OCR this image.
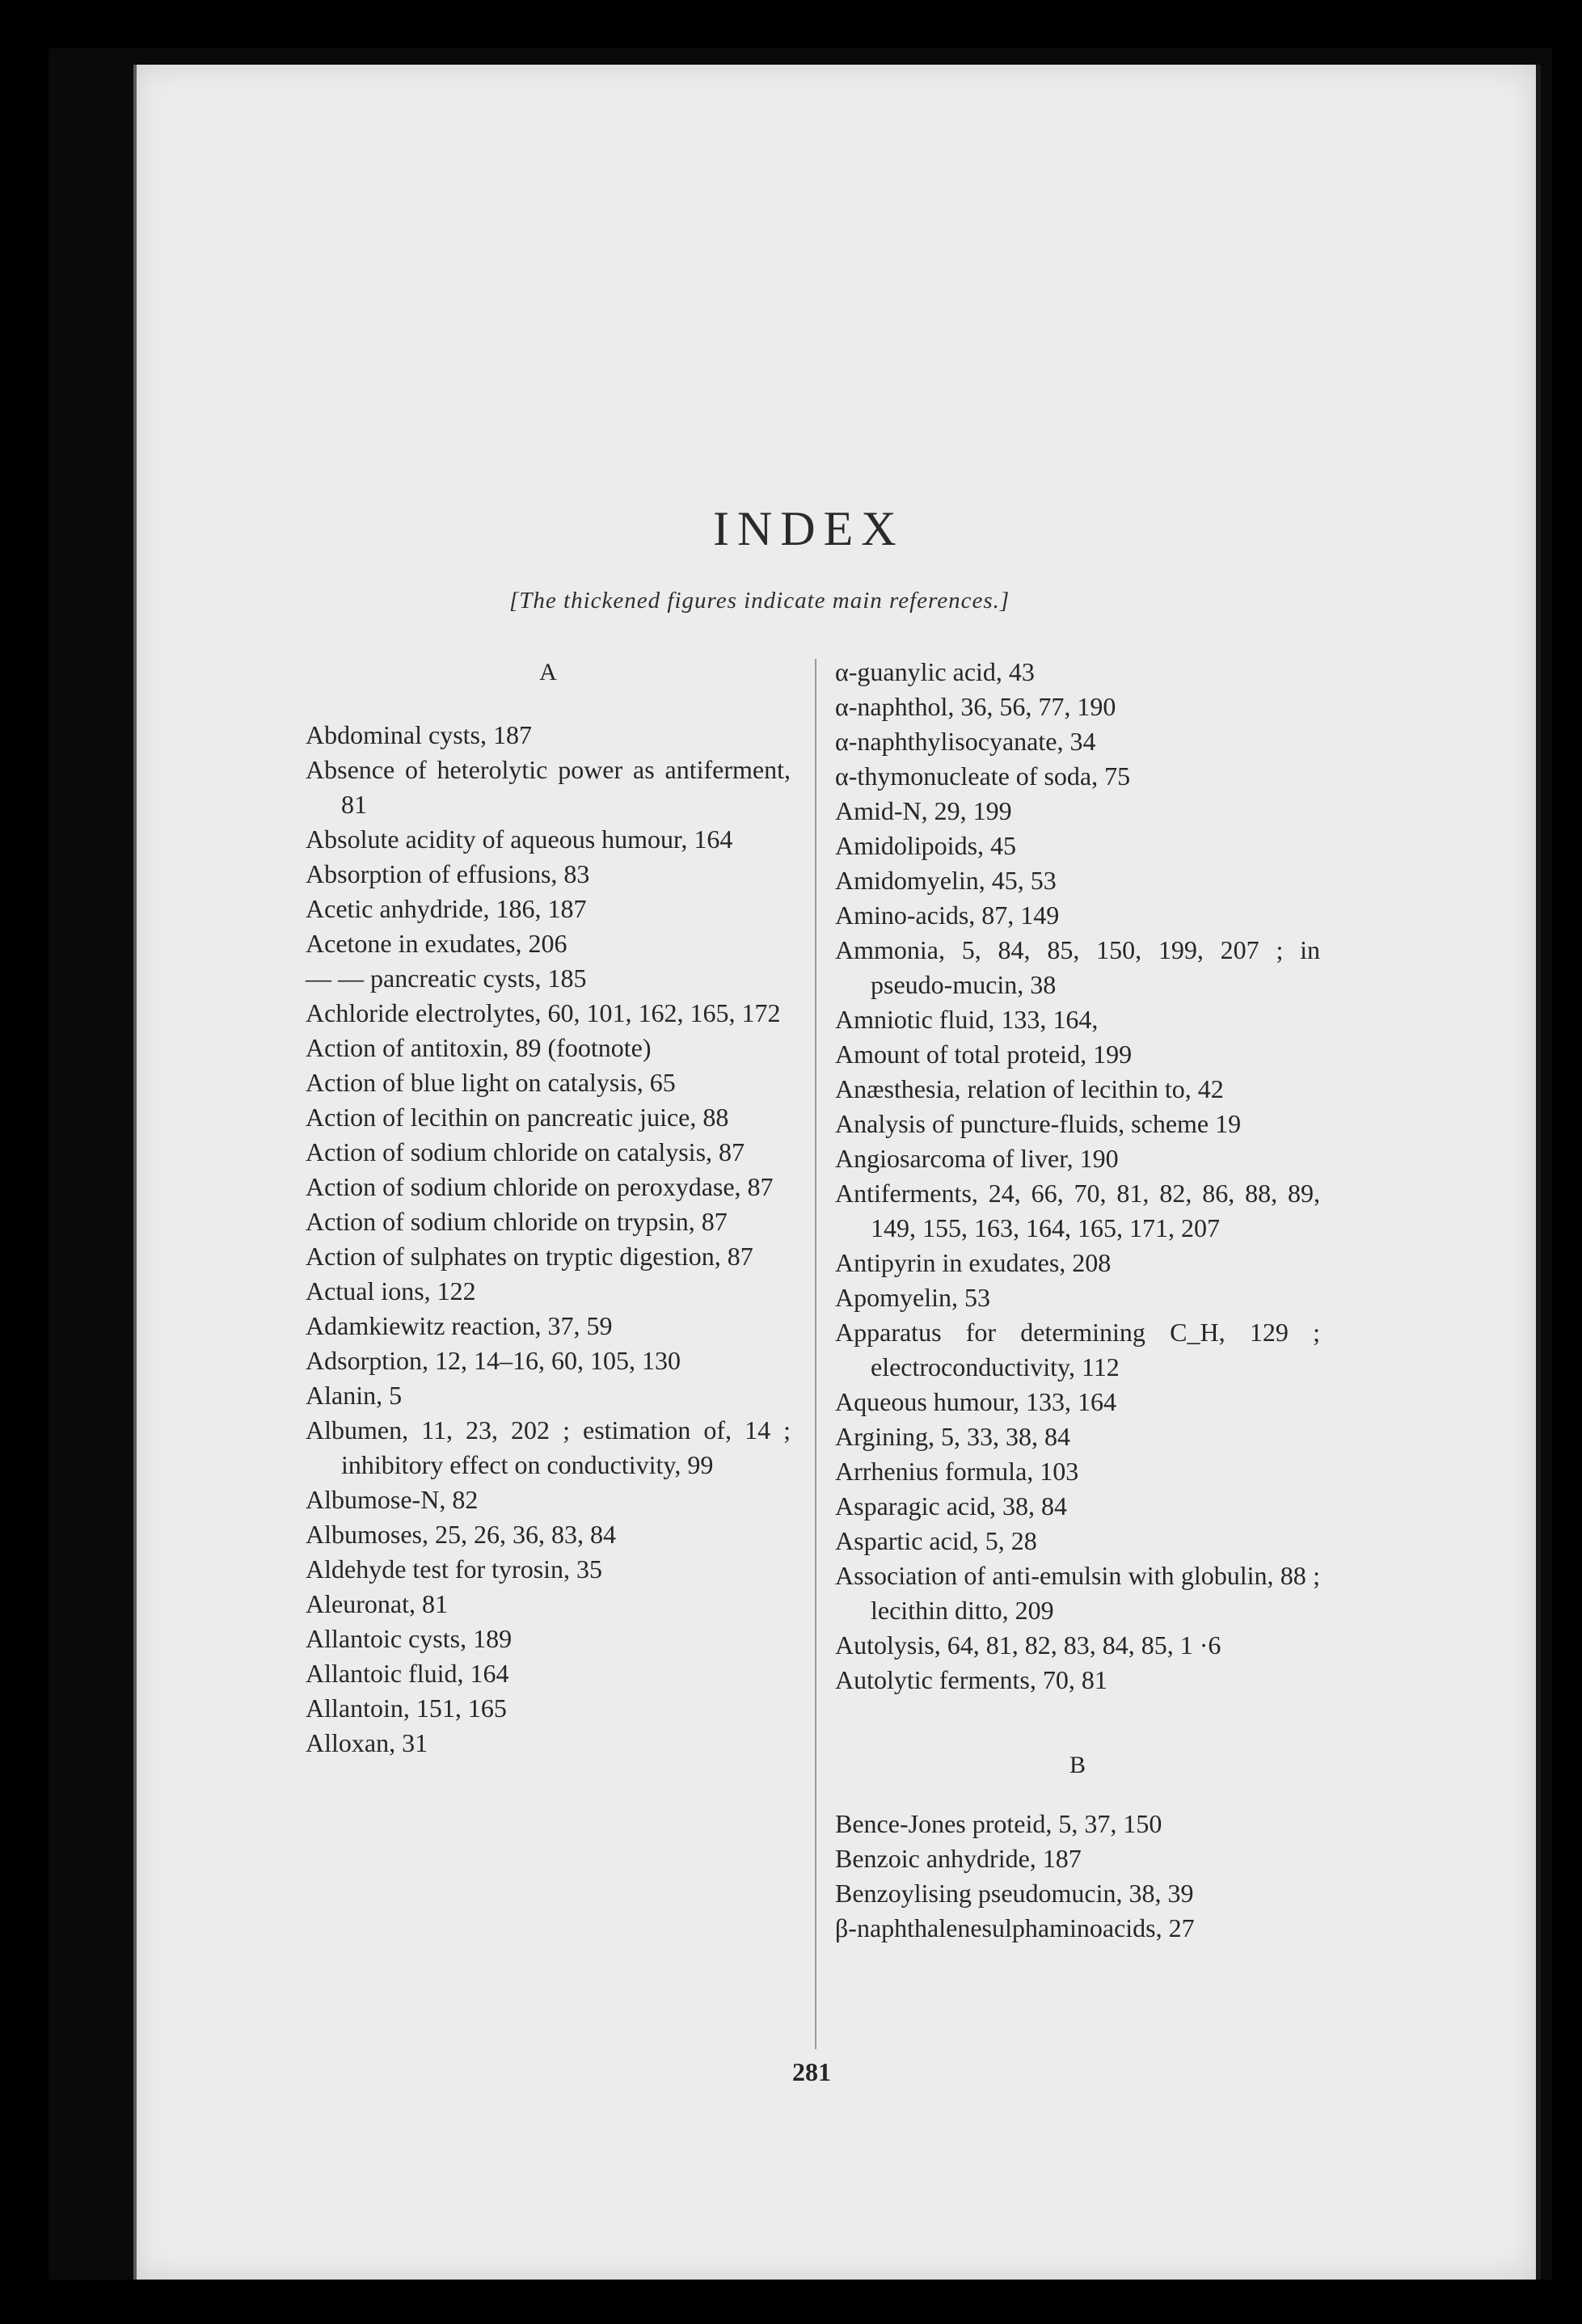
INDEX
[The thickened figures indicate main references.]
A
Abdominal cysts, 187
Absence of heterolytic power as antiferment, 81
Absolute acidity of aqueous humour, 164
Absorption of effusions, 83
Acetic anhydride, 186, 187
Acetone in exudates, 206
— — pancreatic cysts, 185
Achloride electrolytes, 60, 101, 162, 165, 172
Action of antitoxin, 89 (footnote)
Action of blue light on catalysis, 65
Action of lecithin on pancreatic juice, 88
Action of sodium chloride on catalysis, 87
Action of sodium chloride on peroxydase, 87
Action of sodium chloride on trypsin, 87
Action of sulphates on tryptic digestion, 87
Actual ions, 122
Adamkiewitz reaction, 37, 59
Adsorption, 12, 14–16, 60, 105, 130
Alanin, 5
Albumen, 11, 23, 202 ; estimation of, 14 ; inhibitory effect on conductivity, 99
Albumose-N, 82
Albumoses, 25, 26, 36, 83, 84
Aldehyde test for tyrosin, 35
Aleuronat, 81
Allantoic cysts, 189
Allantoic fluid, 164
Allantoin, 151, 165
Alloxan, 31
α-guanylic acid, 43
α-naphthol, 36, 56, 77, 190
α-naphthylisocyanate, 34
α-thymonucleate of soda, 75
Amid-N, 29, 199
Amidolipoids, 45
Amidomyelin, 45, 53
Amino-acids, 87, 149
Ammonia, 5, 84, 85, 150, 199, 207 ; in pseudo-mucin, 38
Amniotic fluid, 133, 164,
Amount of total proteid, 199
Anæsthesia, relation of lecithin to, 42
Analysis of puncture-fluids, scheme 19
Angiosarcoma of liver, 190
Antiferments, 24, 66, 70, 81, 82, 86, 88, 89, 149, 155, 163, 164, 165, 171, 207
Antipyrin in exudates, 208
Apomyelin, 53
Apparatus for determining C_H, 129 ; electroconductivity, 112
Aqueous humour, 133, 164
Argining, 5, 33, 38, 84
Arrhenius formula, 103
Asparagic acid, 38, 84
Aspartic acid, 5, 28
Association of anti-emulsin with globulin, 88 ; lecithin ditto, 209
Autolysis, 64, 81, 82, 83, 84, 85, 1 ·6
Autolytic ferments, 70, 81
B
Bence-Jones proteid, 5, 37, 150
Benzoic anhydride, 187
Benzoylising pseudomucin, 38, 39
β-naphthalenesulphaminoacids, 27
281
